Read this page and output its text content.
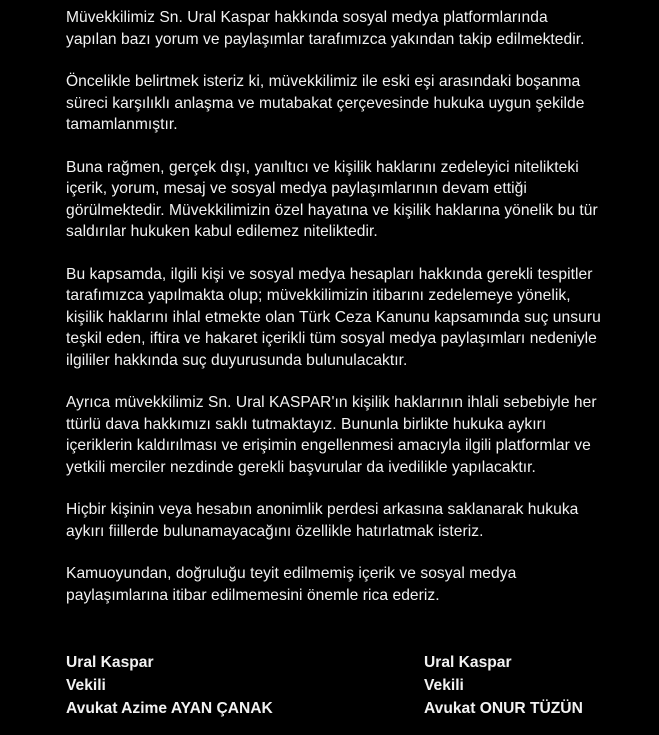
Müvekkilimiz Sn. Ural Kaspar hakkında sosyal medya platformlarında
yapılan bazı yorum ve paylaşımlar tarafımızca yakından takip edilmektedir.

Öncelikle belirtmek isteriz ki, müvekkilimiz ile eski eşi arasındaki boşanma
süreci karşılıklı anlaşma ve mutabakat çerçevesinde hukuka uygun şekilde
tamamlanmıştır.

Buna rağmen, gerçek dışı, yanıltıcı ve kişilik haklarını zedeleyici nitelikteki
içerik, yorum, mesaj ve sosyal medya paylaşımlarının devam ettiği
görülmektedir. Müvekkilimizin özel hayatına ve kişilik haklarına yönelik bu tür
saldırılar hukuken kabul edilemez niteliktedir.

Bu kapsamda, ilgili kişi ve sosyal medya hesapları hakkında gerekli tespitler
tarafımızca yapılmakta olup; müvekkilimizin itibarını zedelemeye yönelik,
kişilik haklarını ihlal etmekte olan Türk Ceza Kanunu kapsamında suç unsuru
teşkil eden, iftira ve hakaret içerikli tüm sosyal medya paylaşımları nedeniyle
ilgililer hakkında suç duyurusunda bulunulacaktır.

Ayrıca müvekkilimiz Sn. Ural KASPAR'ın kişilik haklarının ihlali sebebiyle her
ttürlü dava hakkımızı saklı tutmaktayız. Bununla birlikte hukuka aykırı
içeriklerin kaldırılması ve erişimin engellenmesi amacıyla ilgili platformlar ve
yetkili merciler nezdinde gerekli başvurular da ivedilikle yapılacaktır.

Hiçbir kişinin veya hesabın anonimlik perdesi arkasına saklanarak hukuka
aykırı fiillerde bulunamayacağını özellikle hatırlatmak isteriz.

Kamuoyundan, doğruluğu teyit edilmemiş içerik ve sosyal medya
paylaşımlarına itibar edilmemesini önemle rica ederiz.

Ural Kaspar
Vekili
Avukat Azime AYAN ÇANAK
Ural Kaspar
Vekili
Avukat ONUR TÜZÜN
